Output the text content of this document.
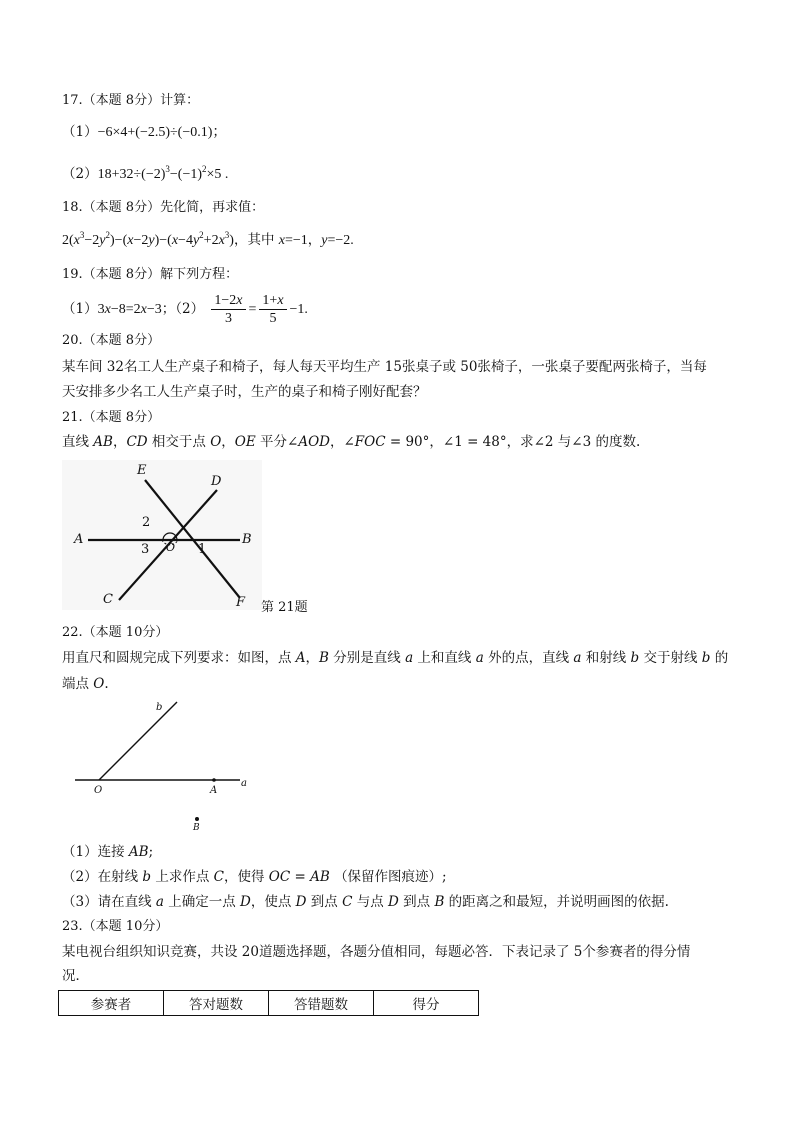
17.（本题 8分）计算：
（1）−6×4+(−2.5)÷(−0.1)；
$(2)18+32\div(-2)^3-(-1)^2\times 5$ .
18.（本题 8分）先化简，再求值：
$2(x^3-2y^2)-(x-2y)-(x-4y^2+2x^3)$，其中 x=−1，y=−2.
19.（本题 8分）解下列方程：
（1）3x−8=2x−3；$(2) \frac{1-2x}{3} = \frac{1+x}{5} -1$.
20.（本题 8分）
某车间 32名工人生产桌子和椅子，每人每天平均生产 15张桌子或 50张椅子，一张桌子要配两张椅子，当每
天安排多少名工人生产桌子时，生产的桌子和椅子刚好配套？
21.（本题 8分）
直线 AB，CD 相交于点 O，OE 平分∠AOD，∠FOC = 90°，∠1 = 48°，求∠2 与∠3 的度数.
E
D
A	B
C	F
O
2
3	1
第 21题
22.（本题 10分）
用直尺和圆规完成下列要求：如图，点 A，B 分别是直线 a 上和直线 a 外的点，直线 a 和射线 b 交于射线 b 的
端点 O.
b
O	A
a
B
（1）连接 AB;
（2）在射线 b 上求作点 C，使得 OC = AB （保留作图痕迹）;
（3）请在直线 a 上确定一点 D，使点 D 到点 C 与点 D 到点 B 的距离之和最短，并说明画图的依据.
23.（本题 10分）
某电视台组织知识竞赛，共设 20道题选择题，各题分值相同，每题必答．下表记录了 5个参赛者的得分情
况．
参赛者	答对题数	答错题数	得分
